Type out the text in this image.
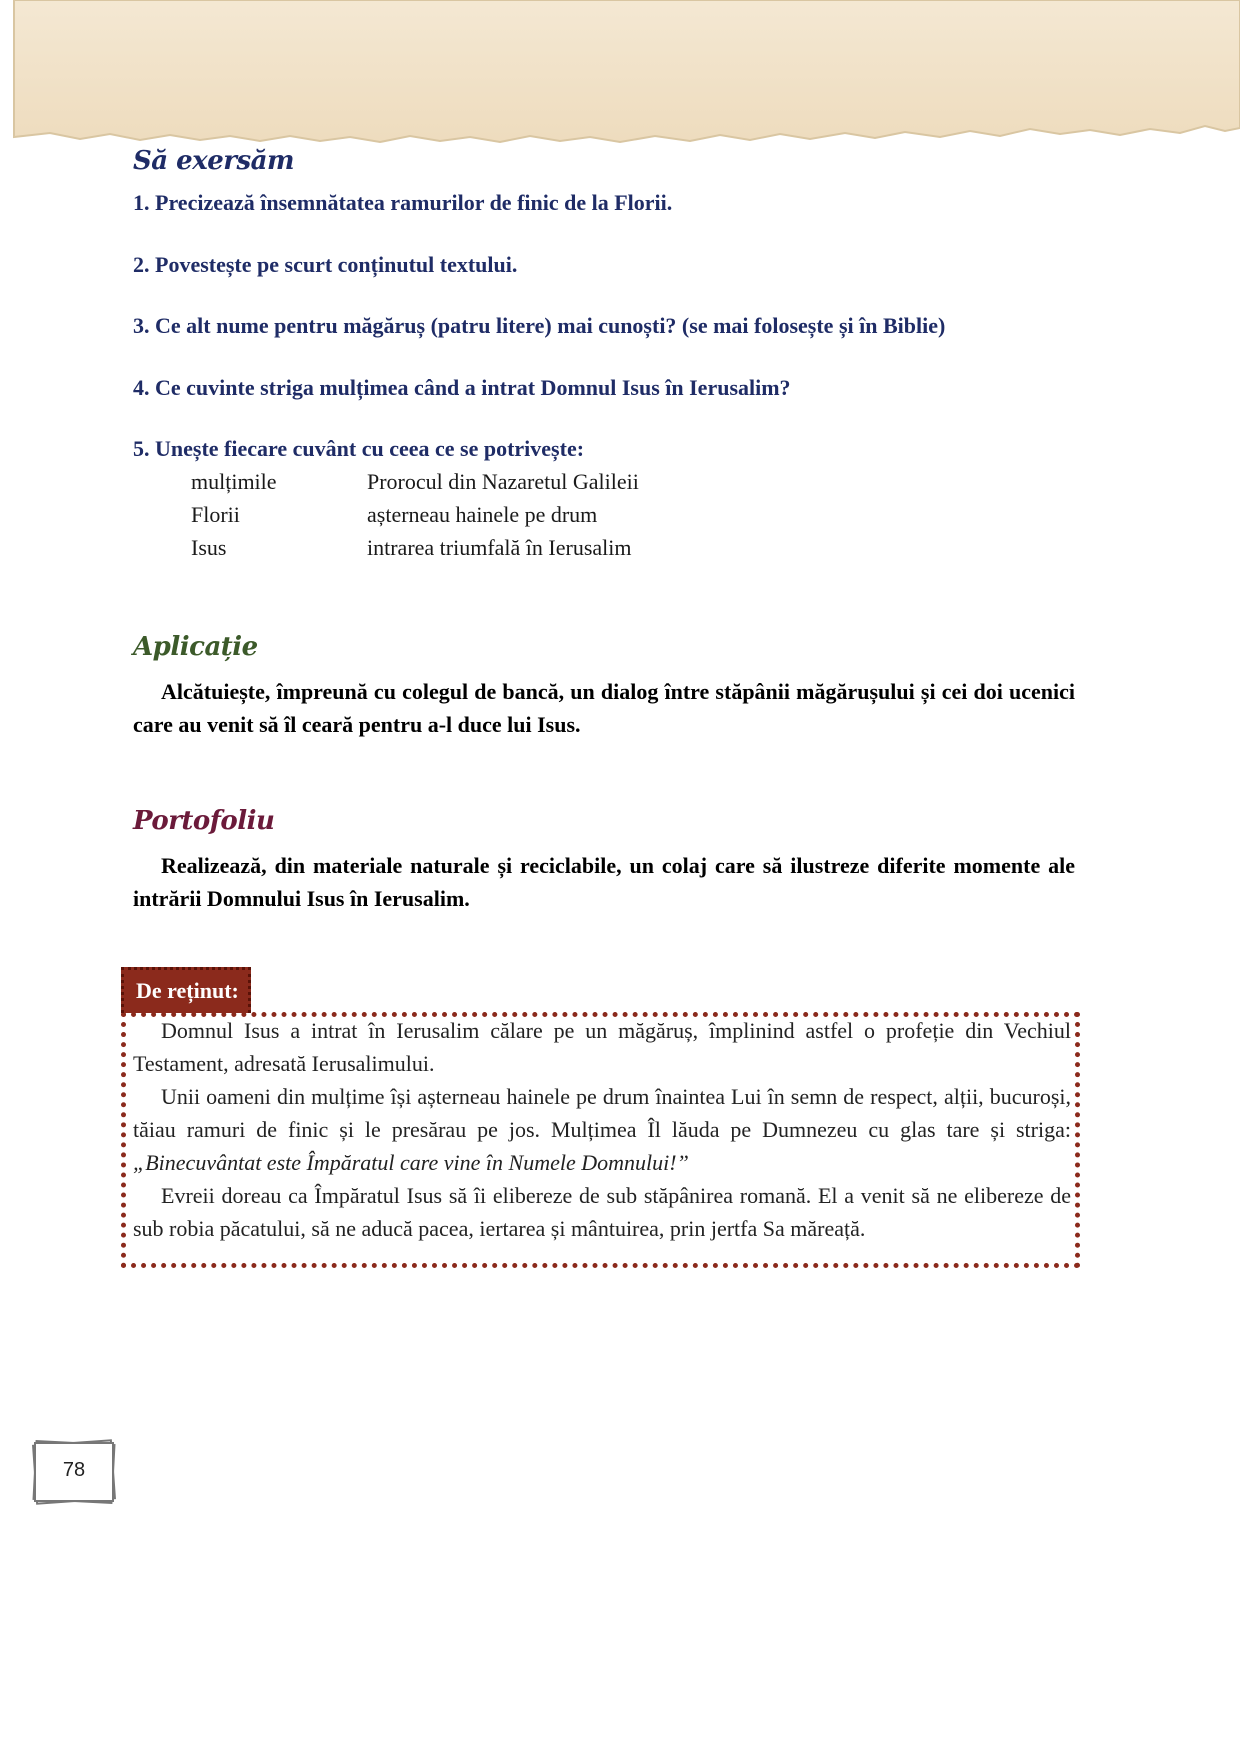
Să exersăm

1. Precizează însemnătatea ramurilor de finic de la Florii.

2. Povestește pe scurt conținutul textului.

3. Ce alt nume pentru măgăruș (patru litere) mai cunoști? (se mai folosește și în Biblie)

4. Ce cuvinte striga mulțimea când a intrat Domnul Isus în Ierusalim?

5. Unește fiecare cuvânt cu ceea ce se potrivește:

mulțimile	Prorocul din Nazaretul Galileii
Florii	așterneau hainele pe drum
Isus	intrarea triumfală în Ierusalim
Aplicație

Alcătuiește, împreună cu colegul de bancă, un dialog între stăpânii măgărușului și cei doi ucenici care au venit să îl ceară pentru a-l duce lui Isus.

Portofoliu

Realizează, din materiale naturale și reciclabile, un colaj care să ilustreze diferite momente ale intrării Domnului Isus în Ierusalim.

De reținut:

Domnul Isus a intrat în Ierusalim călare pe un măgăruș, împlinind astfel o profeție din Vechiul Testament, adresată Ierusalimului.

Unii oameni din mulțime își așterneau hainele pe drum înaintea Lui în semn de respect, alții, bucuroși, tăiau ramuri de finic și le presărau pe jos. Mulțimea Îl lăuda pe Dumnezeu cu glas tare și striga: „Binecuvântat este Împăratul care vine în Numele Domnului!”

Evreii doreau ca Împăratul Isus să îi elibereze de sub stăpânirea romană. El a venit să ne elibereze de sub robia păcatului, să ne aducă pacea, iertarea și mântuirea, prin jertfa Sa măreață.

78
